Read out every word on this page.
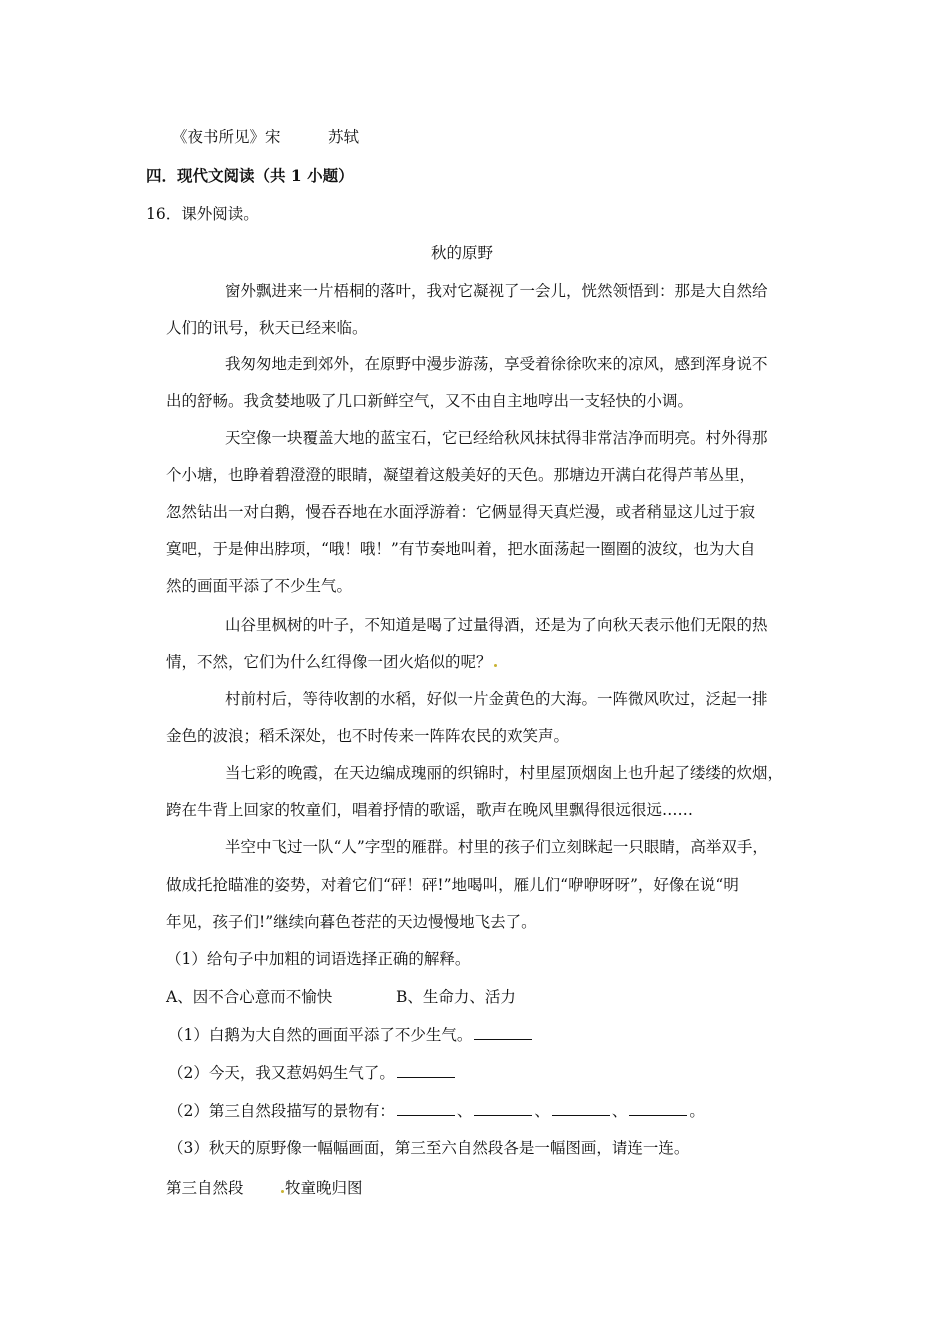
《夜书所见》宋	苏轼
四．现代文阅读（共 1 小题）
16．课外阅读。
秋的原野
窗外飘进来一片梧桐的落叶，我对它凝视了一会儿，恍然领悟到：那是大自然给
人们的讯号，秋天已经来临。
我匆匆地走到郊外，在原野中漫步游荡，享受着徐徐吹来的凉风，感到浑身说不
出的舒畅。我贪婪地吸了几口新鲜空气，又不由自主地哼出一支轻快的小调。
天空像一块覆盖大地的蓝宝石，它已经给秋风抹拭得非常洁净而明亮。村外得那
个小塘，也睁着碧澄澄的眼睛，凝望着这般美好的天色。那塘边开满白花得芦苇丛里，
忽然钻出一对白鹅，慢吞吞地在水面浮游着：它俩显得天真烂漫，或者稍显这儿过于寂
寞吧，于是伸出脖项，“哦！哦！”有节奏地叫着，把水面荡起一圈圈的波纹，也为大自
然的画面平添了不少生气。
山谷里枫树的叶子，不知道是喝了过量得酒，还是为了向秋天表示他们无限的热
情，不然，它们为什么红得像一团火焰似的呢？
村前村后，等待收割的水稻，好似一片金黄色的大海。一阵微风吹过，泛起一排
金色的波浪；稻禾深处，也不时传来一阵阵农民的欢笑声。
当七彩的晚霞，在天边编成瑰丽的织锦时，村里屋顶烟囱上也升起了缕缕的炊烟，
跨在牛背上回家的牧童们，唱着抒情的歌谣，歌声在晚风里飘得很远很远……
半空中飞过一队“人”字型的雁群。村里的孩子们立刻眯起一只眼睛，高举双手，
做成托抢瞄准的姿势，对着它们“砰！砰!”地喝叫，雁儿们“咿咿呀呀”，好像在说“明
年见，孩子们!”继续向暮色苍茫的天边慢慢地飞去了。
（1）给句子中加粗的词语选择正确的解释。
A、因不合心意而不愉快	B、生命力、活力
（1）白鹅为大自然的画面平添了不少生气。
（2）今天，我又惹妈妈生气了。
（2）第三自然段描写的景物有：	、	、	、	。
（3）秋天的原野像一幅幅画面，第三至六自然段各是一幅图画，请连一连。
第三自然段	牧童晚归图
